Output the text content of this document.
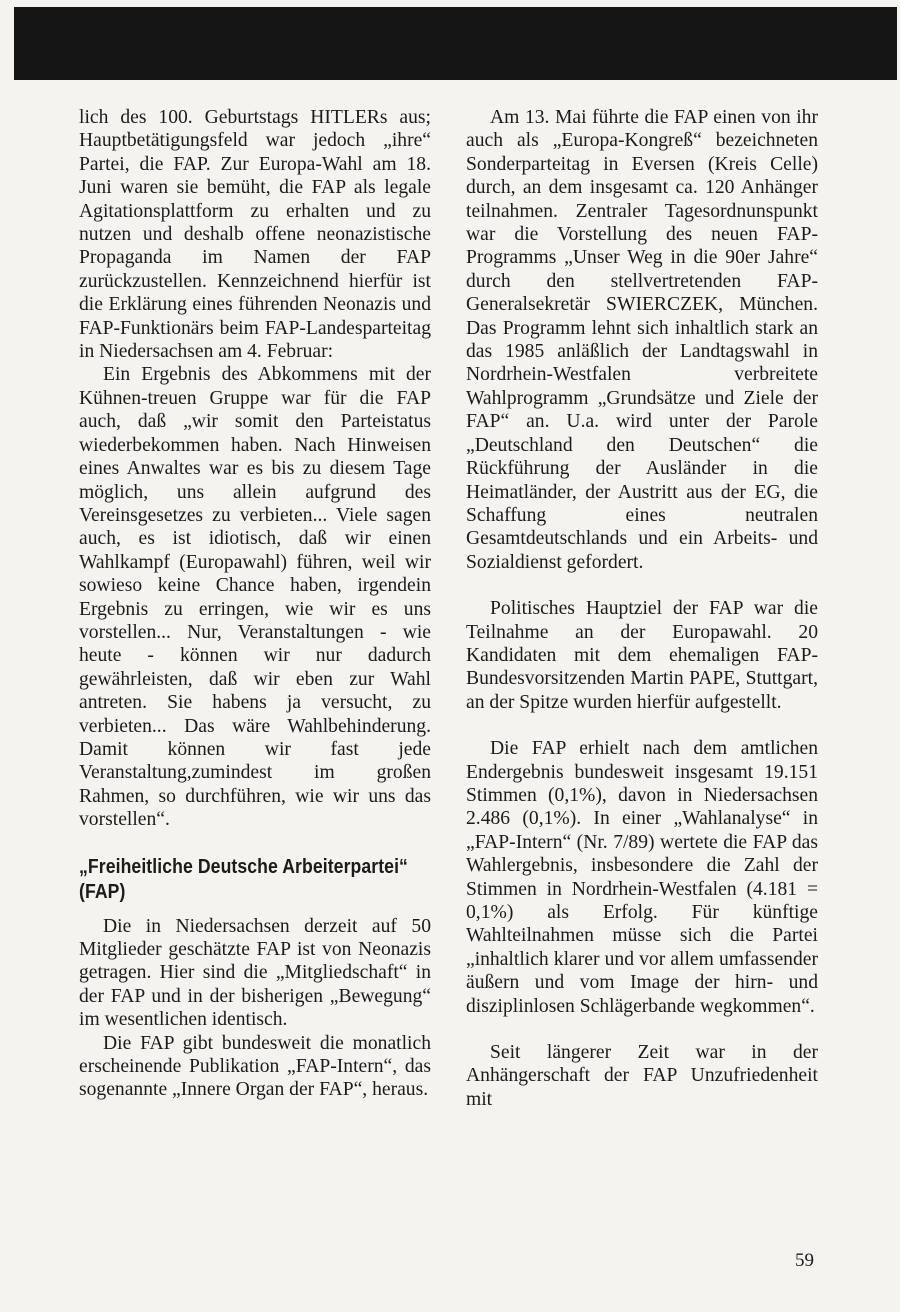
lich des 100. Geburtstags HITLERs aus; Hauptbetätigungsfeld war jedoch „ihre“ Partei, die FAP. Zur Europa-Wahl am 18. Juni waren sie bemüht, die FAP als legale Agitationsplattform zu erhalten und zu nutzen und deshalb offene neonazistische Propaganda im Namen der FAP zurückzustellen. Kennzeichnend hierfür ist die Erklärung eines führenden Neonazis und FAP-Funktionärs beim FAP-Landesparteitag in Niedersachsen am 4. Februar:

Ein Ergebnis des Abkommens mit der Kühnen-treuen Gruppe war für die FAP auch, daß „wir somit den Parteistatus wiederbekommen haben. Nach Hinweisen eines Anwaltes war es bis zu diesem Tage möglich, uns allein aufgrund des Vereinsgesetzes zu verbieten... Viele sagen auch, es ist idiotisch, daß wir einen Wahlkampf (Europawahl) führen, weil wir sowieso keine Chance haben, irgendein Ergebnis zu erringen, wie wir es uns vorstellen... Nur, Veranstaltungen - wie heute - können wir nur dadurch gewährleisten, daß wir eben zur Wahl antreten. Sie habens ja versucht, zu verbieten... Das wäre Wahlbehinderung. Damit können wir fast jede Veranstaltung,zumindest im großen Rahmen, so durchführen, wie wir uns das vorstellen“.

„Freiheitliche Deutsche Arbeiterpartei“ (FAP)

Die in Niedersachsen derzeit auf 50 Mitglieder geschätzte FAP ist von Neonazis getragen. Hier sind die „Mitgliedschaft“ in der FAP und in der bisherigen „Bewegung“ im wesentlichen identisch.

Die FAP gibt bundesweit die monatlich erscheinende Publikation „FAP-Intern“, das sogenannte „Innere Organ der FAP“, heraus.

Am 13. Mai führte die FAP einen von ihr auch als „Europa-Kongreß“ bezeichneten Sonderparteitag in Eversen (Kreis Celle) durch, an dem insgesamt ca. 120 Anhänger teilnahmen. Zentraler Tagesordnunspunkt war die Vorstellung des neuen FAP-Programms „Unser Weg in die 90er Jahre“ durch den stellvertretenden FAP-Generalsekretär SWIERCZEK, München. Das Programm lehnt sich inhaltlich stark an das 1985 anläßlich der Landtagswahl in Nordrhein-Westfalen verbreitete Wahlprogramm „Grundsätze und Ziele der FAP“ an. U.a. wird unter der Parole „Deutschland den Deutschen“ die Rückführung der Ausländer in die Heimatländer, der Austritt aus der EG, die Schaffung eines neutralen Gesamtdeutschlands und ein Arbeits- und Sozialdienst gefordert.

Politisches Hauptziel der FAP war die Teilnahme an der Europawahl. 20 Kandidaten mit dem ehemaligen FAP-Bundesvorsitzenden Martin PAPE, Stuttgart, an der Spitze wurden hierfür aufgestellt.

Die FAP erhielt nach dem amtlichen Endergebnis bundesweit insgesamt 19.151 Stimmen (0,1%), davon in Niedersachsen 2.486 (0,1%). In einer „Wahlanalyse“ in „FAP-Intern“ (Nr. 7/89) wertete die FAP das Wahlergebnis, insbesondere die Zahl der Stimmen in Nordrhein-Westfalen (4.181 = 0,1%) als Erfolg. Für künftige Wahlteilnahmen müsse sich die Partei „inhaltlich klarer und vor allem umfassender äußern und vom Image der hirn- und disziplinlosen Schlägerbande wegkommen“.

Seit längerer Zeit war in der Anhängerschaft der FAP Unzufriedenheit mit

59
